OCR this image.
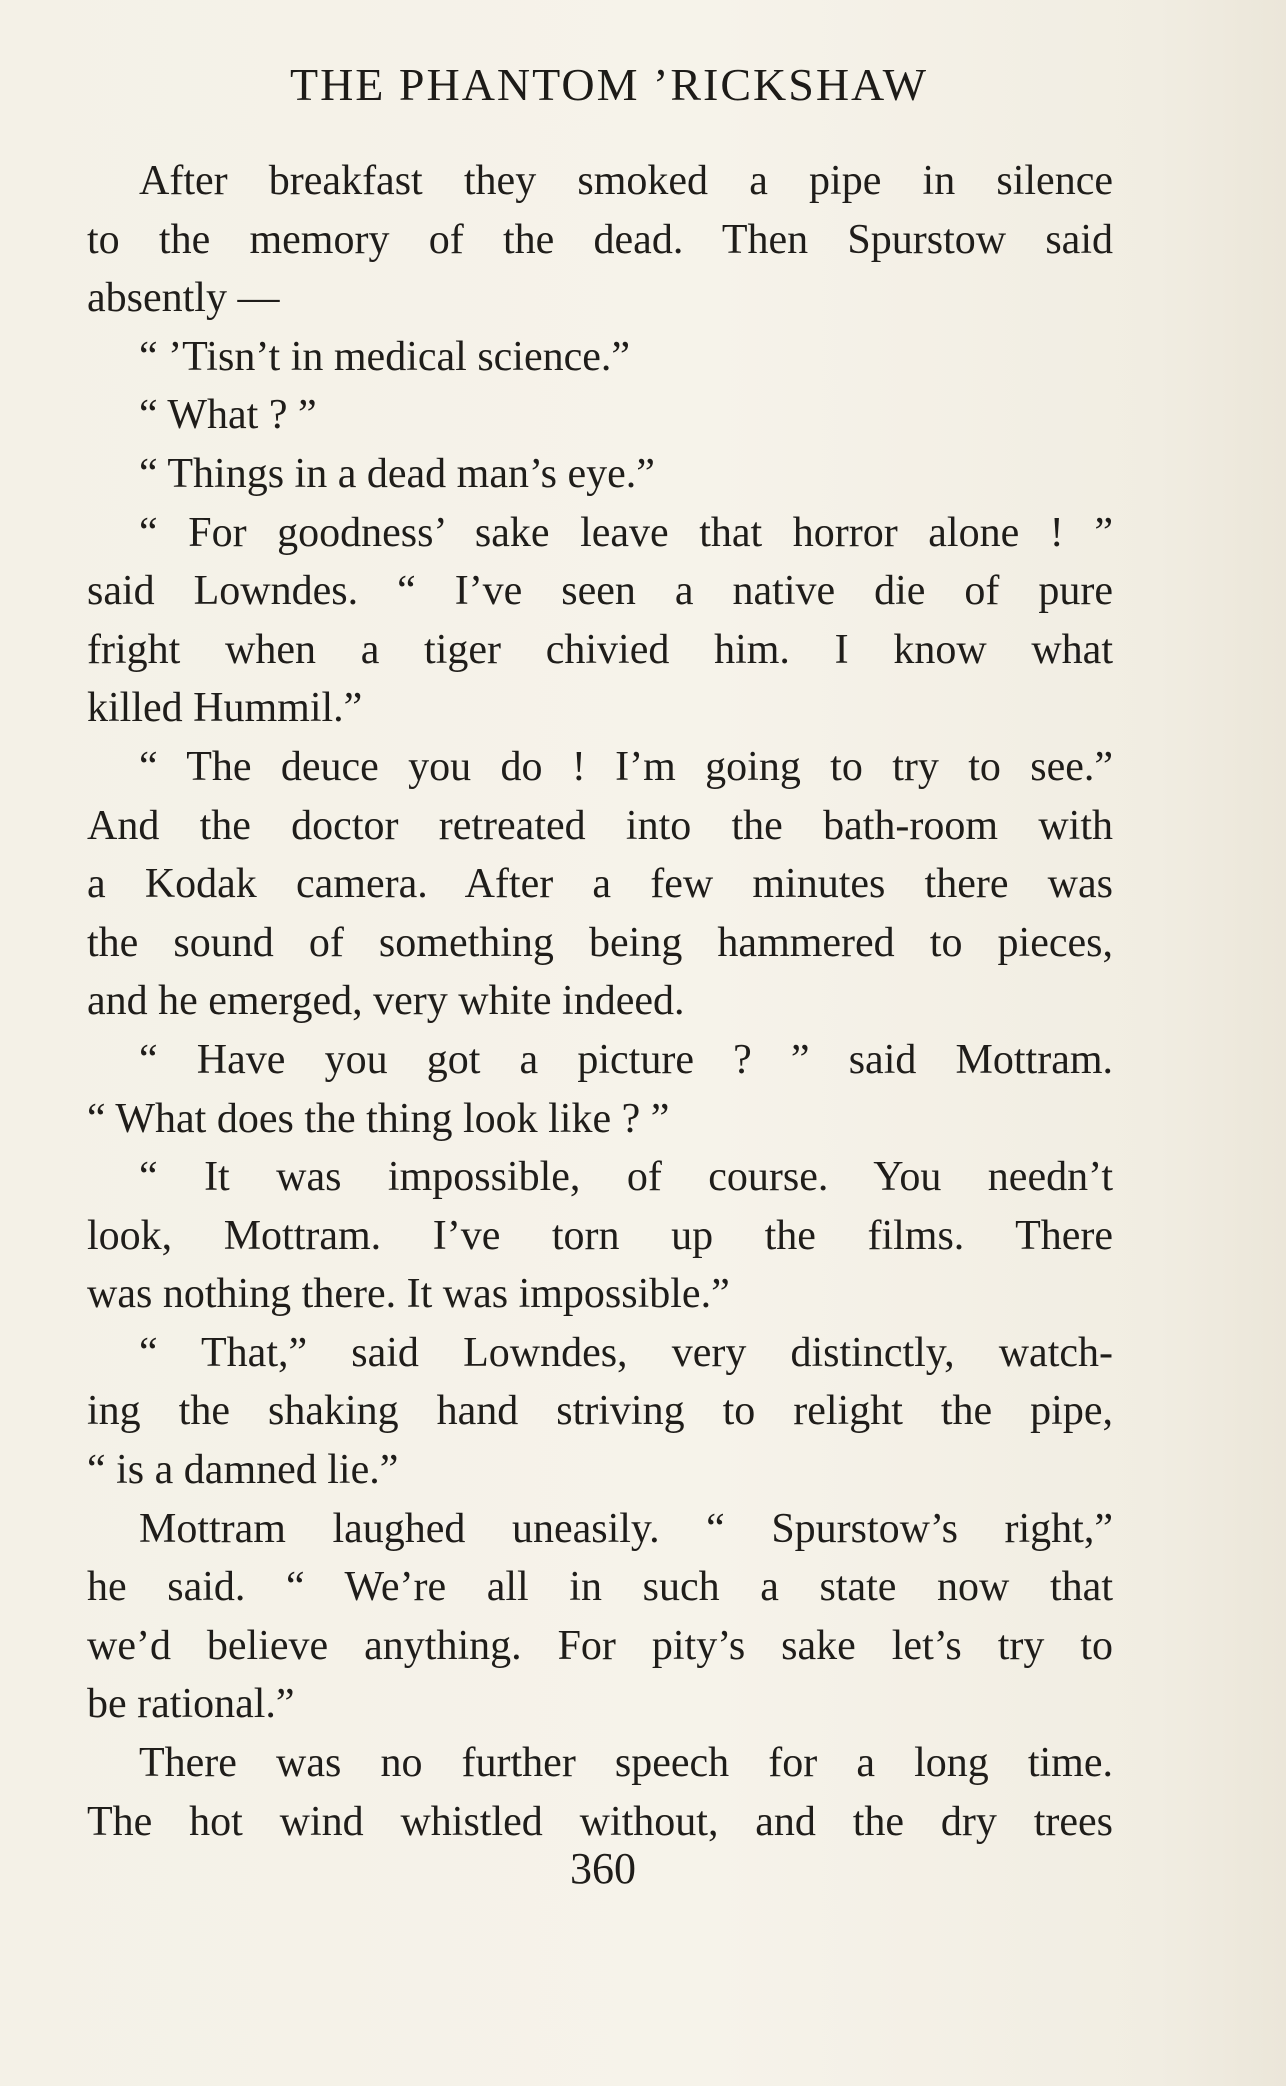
THE PHANTOM ’RICKSHAW
After breakfast they smoked a pipe in silence
to the memory of the dead. Then Spurstow said
absently —
“ ’Tisn’t in medical science.”
“ What ? ”
“ Things in a dead man’s eye.”
“ For goodness’ sake leave that horror alone ! ”
said Lowndes. “ I’ve seen a native die of pure
fright when a tiger chivied him. I know what
killed Hummil.”
“ The deuce you do ! I’m going to try to see.”
And the doctor retreated into the bath-room with
a Kodak camera. After a few minutes there was
the sound of something being hammered to pieces,
and he emerged, very white indeed.
“ Have you got a picture ? ” said Mottram.
“ What does the thing look like ? ”
“ It was impossible, of course. You needn’t
look, Mottram. I’ve torn up the films. There
was nothing there. It was impossible.”
“ That,” said Lowndes, very distinctly, watch-
ing the shaking hand striving to relight the pipe,
“ is a damned lie.”
Mottram laughed uneasily. “ Spurstow’s right,”
he said. “ We’re all in such a state now that
we’d believe anything. For pity’s sake let’s try to
be rational.”
There was no further speech for a long time.
The hot wind whistled without, and the dry trees
360
